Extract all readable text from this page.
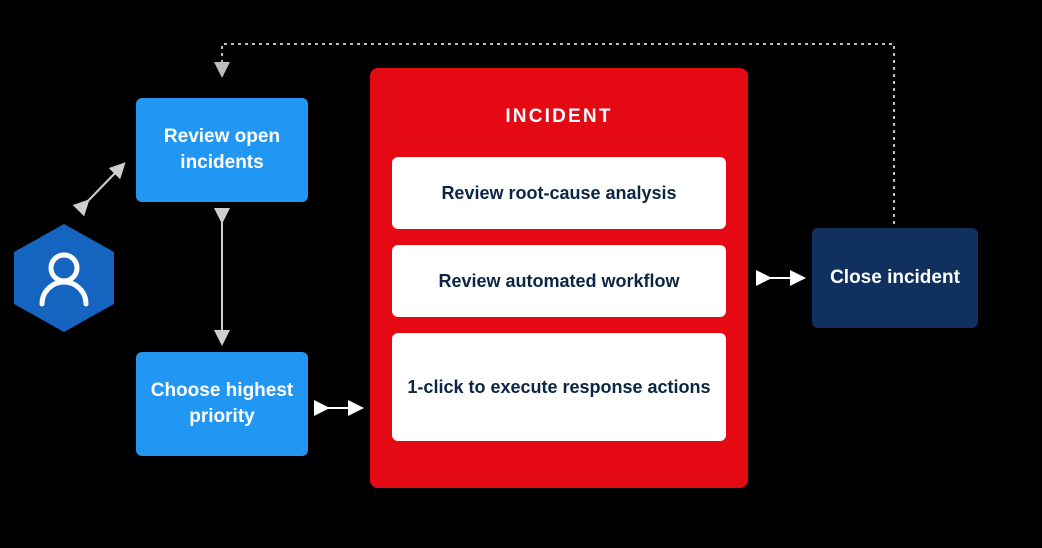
Review open incidents
Choose highest priority
INCIDENT
Review root-cause analysis
Review automated workflow
1-click to execute response actions
Close incident
